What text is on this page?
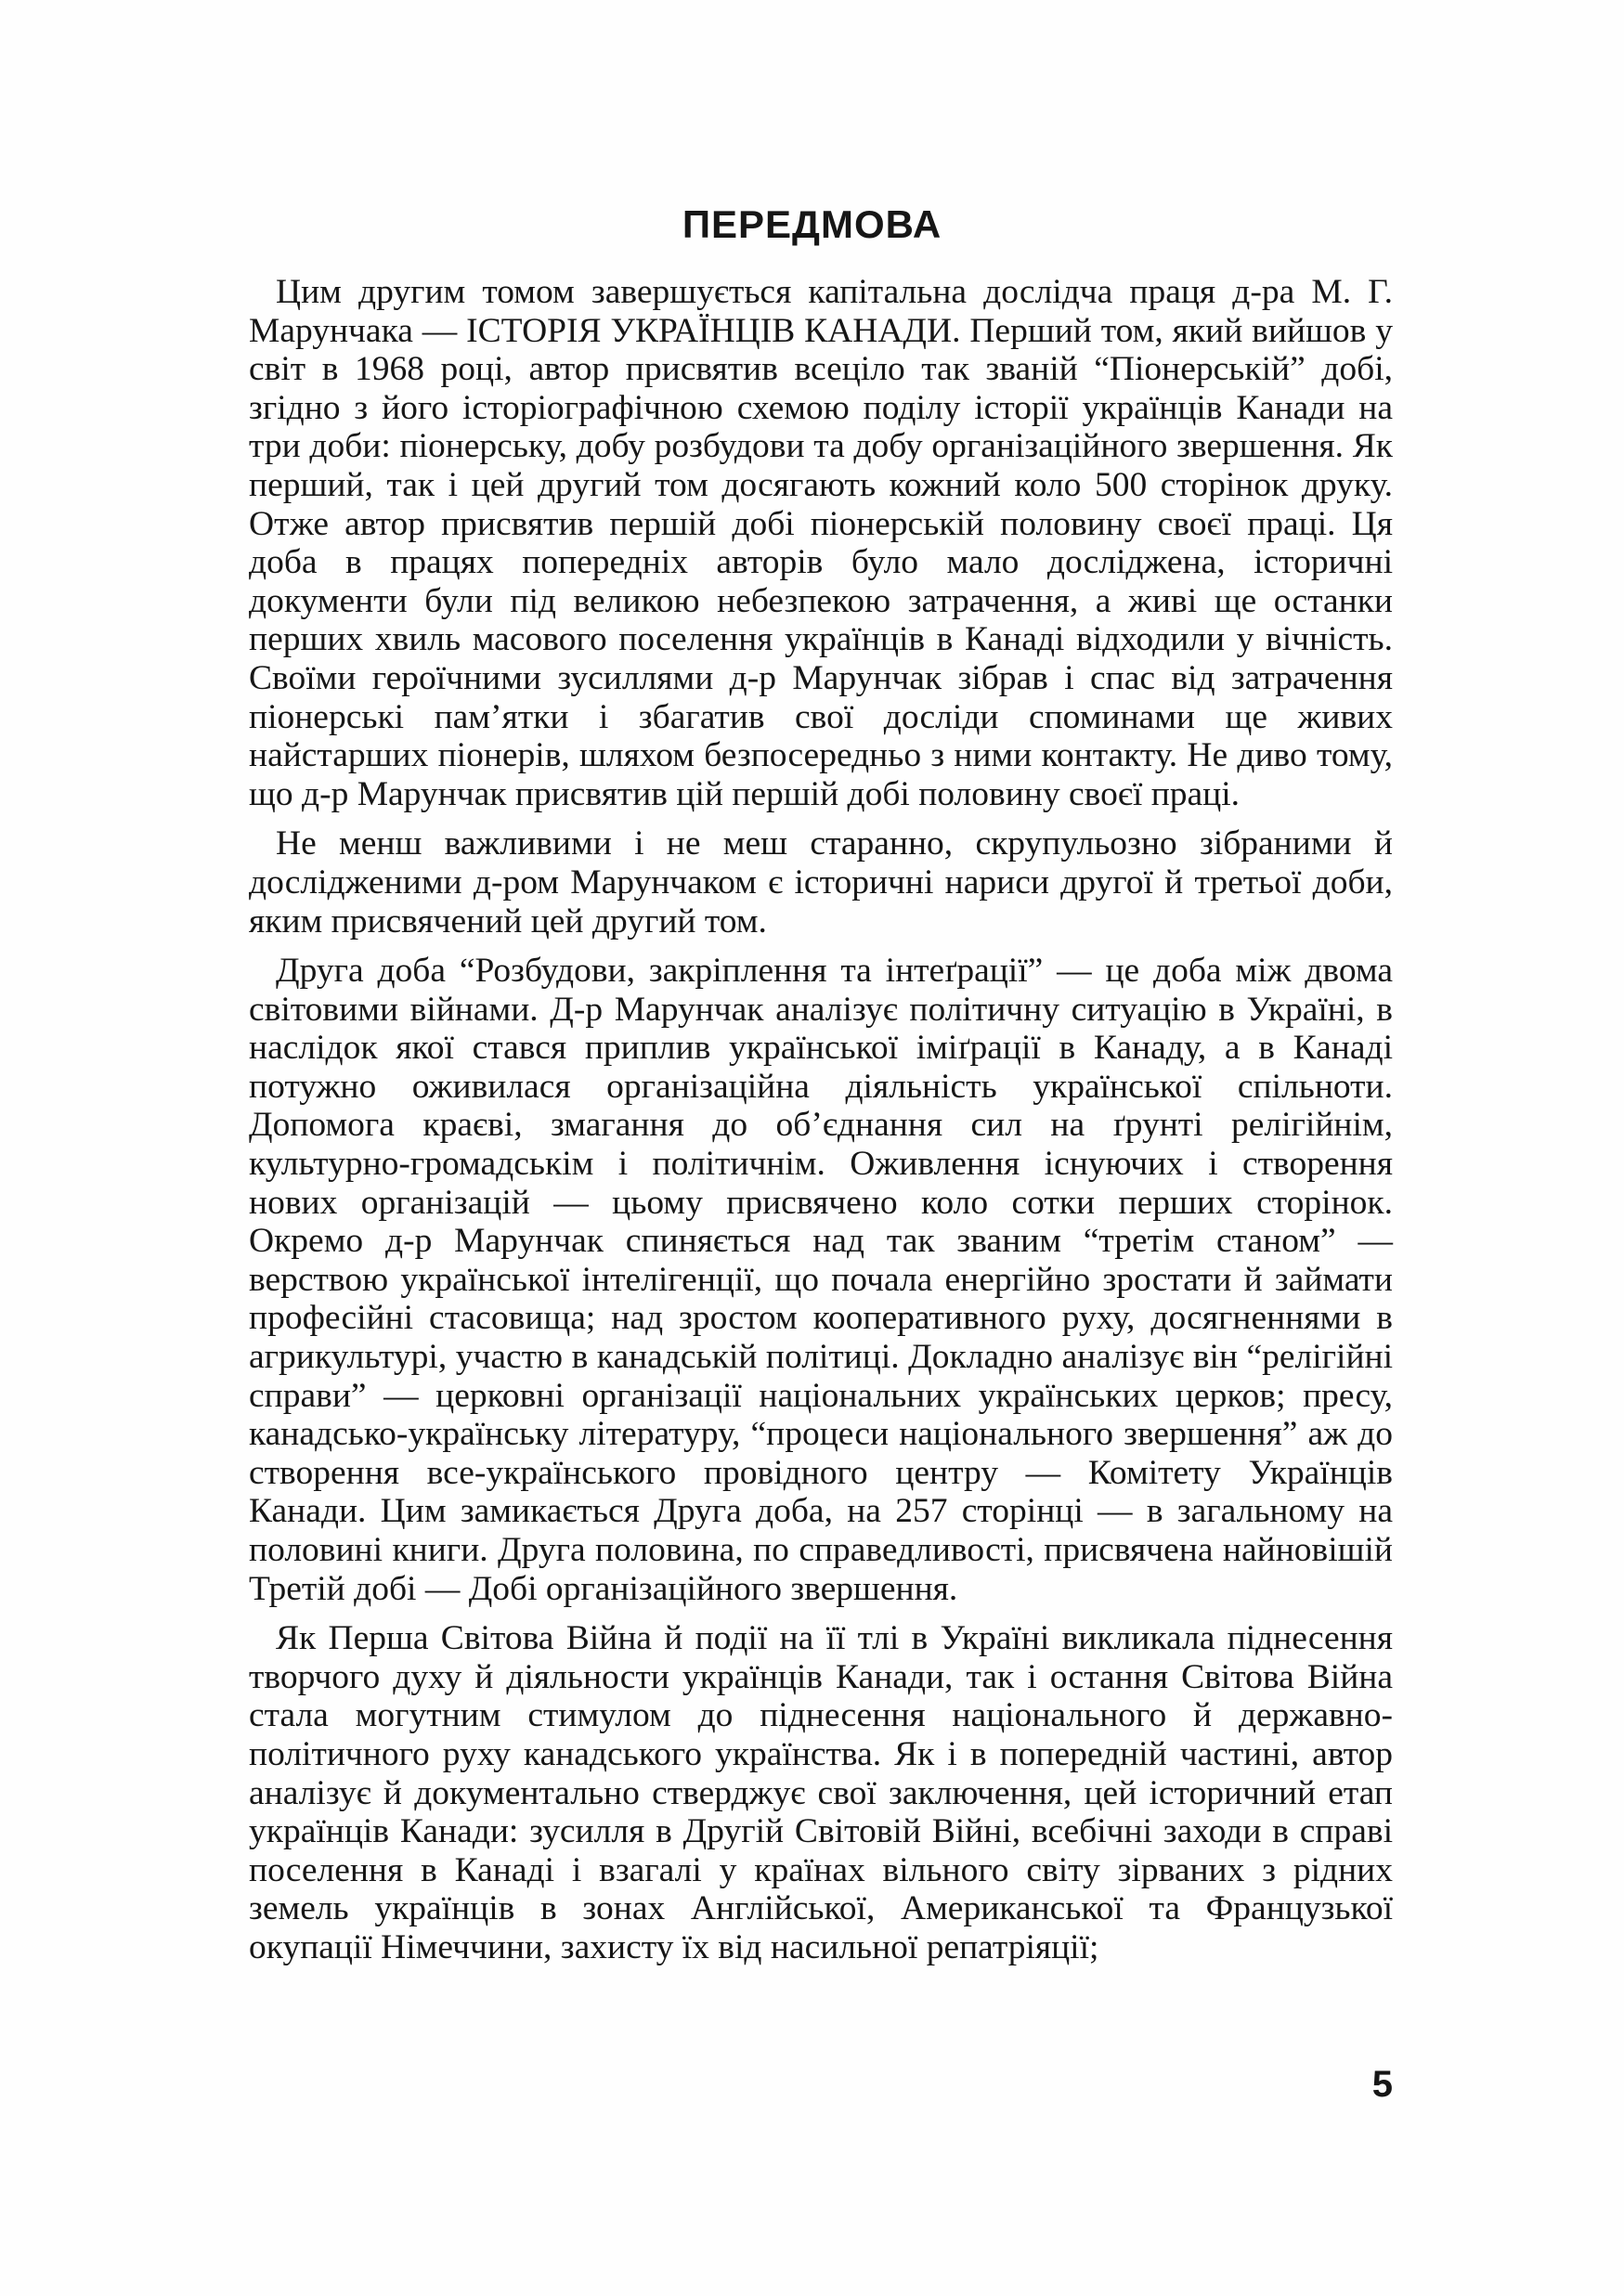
ПЕРЕДМОВА

Цим другим томом завершується капітальна дослідча праця д-ра М. Г. Марунчака — ІСТОРІЯ УКРАЇНЦІВ КАНАДИ. Перший том, який вийшов у світ в 1968 році, автор присвятив всеціло так званій “Піонерській” добі, згідно з його історіографічною схемою поділу історії українців Канади на три доби: піонерську, добу розбудови та добу організаційного звершення. Як перший, так і цей другий том досягають кожний коло 500 сторінок друку. Отже автор присвятив першій добі піонерській половину своєї праці. Ця доба в працях попередніх авторів було мало досліджена, історичні документи були під великою небезпекою затрачення, а живі ще останки перших хвиль масового поселення українців в Канаді відходили у вічність. Своїми героїчними зусиллями д-р Марунчак зібрав і спас від затрачення піонерські пам’ятки і збагатив свої досліди споминами ще живих найстарших піонерів, шляхом безпосередньо з ними контакту. Не диво тому, що д-р Марунчак присвятив цій першій добі половину своєї праці.

Не менш важливими і не меш старанно, скрупульозно зібраними й дослідженими д-ром Марунчаком є історичні нариси другої й третьої доби, яким присвячений цей другий том.

Друга доба “Розбудови, закріплення та інтеґрації” — це доба між двома світовими війнами. Д-р Марунчак аналізує політичну ситуацію в Україні, в наслідок якої стався приплив української іміґрації в Канаду, а в Канаді потужно оживилася організаційна діяльність української спільноти. Допомога краєві, змагання до об’єднання сил на ґрунті релігійнім, культурно-громадськім і політичнім. Оживлення існуючих і створення нових організацій — цьому присвячено коло сотки перших сторінок. Окремо д-р Марунчак спиняється над так званим “третім станом” — верствою української інтелігенції, що почала енергійно зростати й займати професійні стасовища; над зростом кооперативного руху, досягненнями в агрикультурі, участю в канадській політиці. Докладно аналізує він “релігійні справи” — церковні організації національних українських церков; пресу, канадсько-українську літературу, “процеси національного звершення” аж до створення все-українського провідного центру — Комітету Українців Канади. Цим замикається Друга доба, на 257 сторінці — в загальному на половині книги. Друга половина, по справедливості, присвячена найновішій Третій добі — Добі організаційного звершення.

Як Перша Світова Війна й події на її тлі в Україні викликала піднесення творчого духу й діяльности українців Канади, так і остання Світова Війна стала могутним стимулом до піднесення національного й державно-політичного руху канадського українства. Як і в попередній частині, автор аналізує й документально стверджує свої заключення, цей історичний етап українців Канади: зусилля в Другій Світовій Війні, всебічні заходи в справі поселення в Канаді і взагалі у країнах вільного світу зірваних з рідних земель українців в зонах Англійської, Американської та Французької окупації Німеччини, захисту їх від насильної репатріяції;

5
